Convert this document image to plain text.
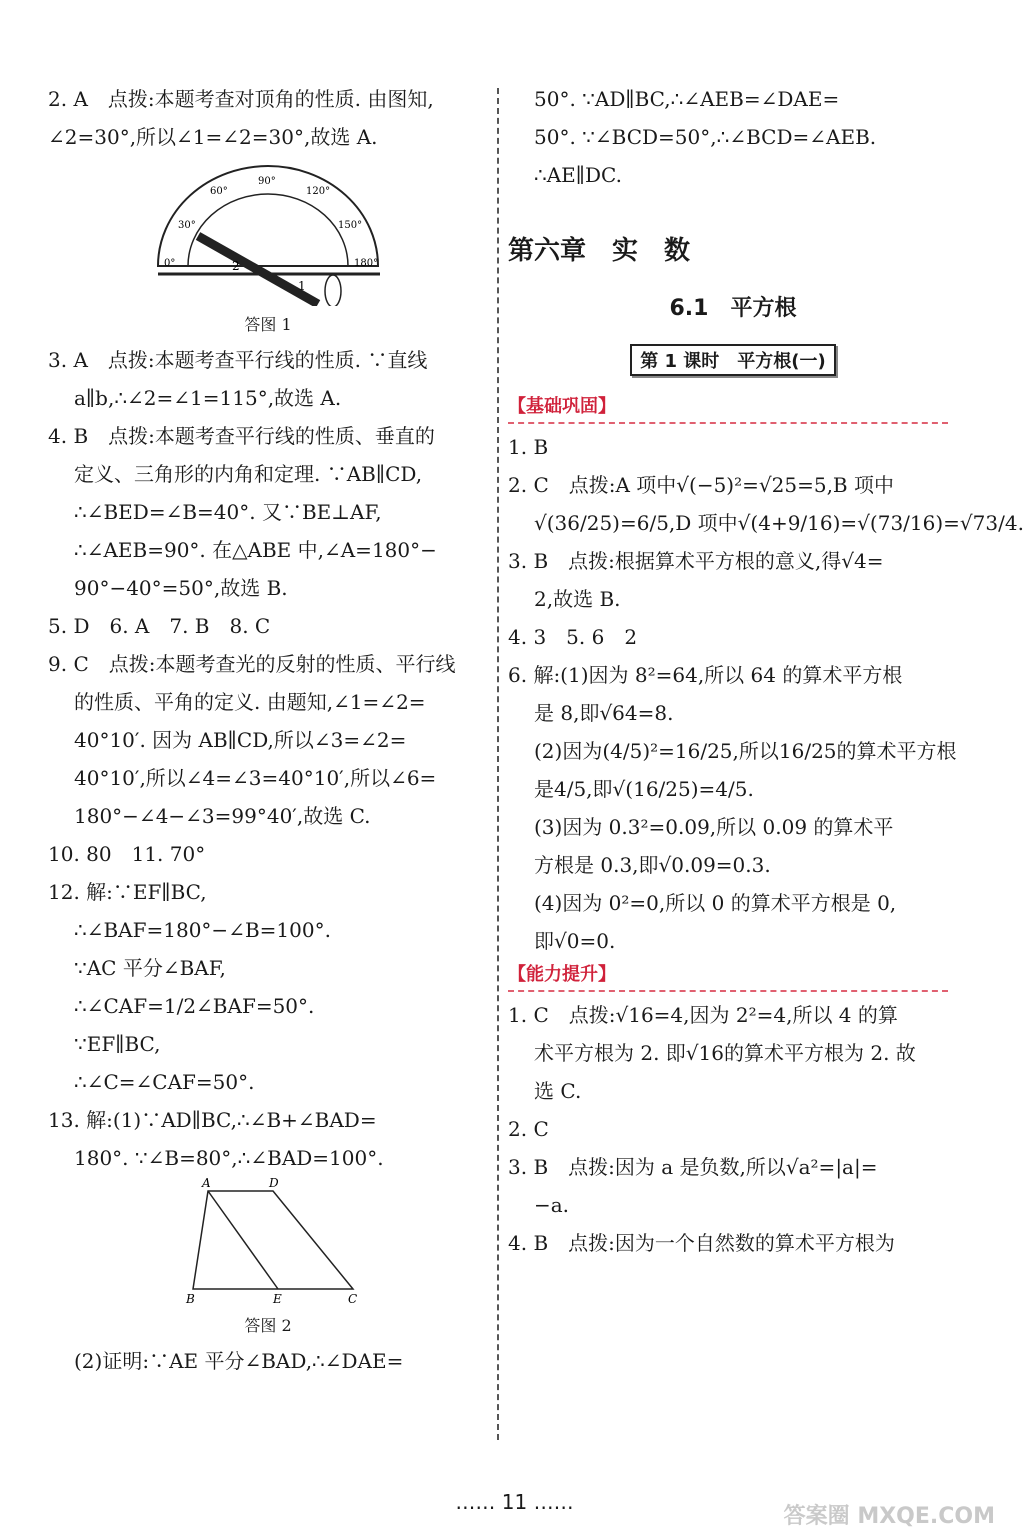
2. A　点拨:本题考查对顶角的性质. 由图知,
∠2=30°,所以∠1=∠2=30°,故选 A.
0°
30°
60°
90°
120°
150°
180°
2
1
答图 1
3. A　点拨:本题考查平行线的性质. ∵直线
a∥b,∴∠2=∠1=115°,故选 A.
4. B　点拨:本题考查平行线的性质、垂直的
定义、三角形的内角和定理. ∵AB∥CD,
∴∠BED=∠B=40°. 又∵BE⊥AF,
∴∠AEB=90°. 在△ABE 中,∠A=180°−
90°−40°=50°,故选 B.
5. D　6. A　7. B　8. C
9. C　点拨:本题考查光的反射的性质、平行线
的性质、平角的定义. 由题知,∠1=∠2=
40°10′. 因为 AB∥CD,所以∠3=∠2=
40°10′,所以∠4=∠3=40°10′,所以∠6=
180°−∠4−∠3=99°40′,故选 C.
10. 80　11. 70°
12. 解:∵EF∥BC,
∴∠BAF=180°−∠B=100°.
∵AC 平分∠BAF,
∴∠CAF=1/2∠BAF=50°.
∵EF∥BC,
∴∠C=∠CAF=50°.
13. 解:(1)∵AD∥BC,∴∠B+∠BAD=
180°. ∵∠B=80°,∴∠BAD=100°.
A	D
B	E	C
答图 2
(2)证明:∵AE 平分∠BAD,∴∠DAE=
50°. ∵AD∥BC,∴∠AEB=∠DAE=
50°. ∵∠BCD=50°,∴∠BCD=∠AEB.
∴AE∥DC.
第六章　实　数
6.1　平方根
第 1 课时　平方根(一)
【基础巩固】
1. B
2. C　点拨:A 项中√(−5)²=√25=5,B 项中
√(36/25)=6/5,D 项中√(4+9/16)=√(73/16)=√73/4.
3. B　点拨:根据算术平方根的意义,得√4=
2,故选 B.
4. 3　5. 6　2
6. 解:(1)因为 8²=64,所以 64 的算术平方根
是 8,即√64=8.
(2)因为(4/5)²=16/25,所以16/25的算术平方根
是4/5,即√(16/25)=4/5.
(3)因为 0.3²=0.09,所以 0.09 的算术平
方根是 0.3,即√0.09=0.3.
(4)因为 0²=0,所以 0 的算术平方根是 0,
即√0=0.
【能力提升】
1. C　点拨:√16=4,因为 2²=4,所以 4 的算
术平方根为 2. 即√16的算术平方根为 2. 故
选 C.
2. C
3. B　点拨:因为 a 是负数,所以√a²=|a|=
−a.
4. B　点拨:因为一个自然数的算术平方根为
…… 11 ……
答案圈 MXQE.COM
